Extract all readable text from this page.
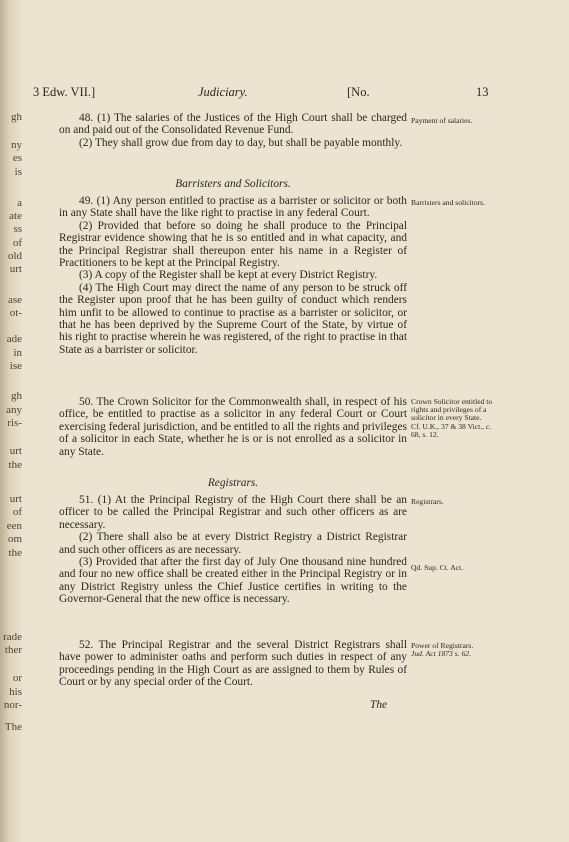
gh
ny
es
is
a
ate
ss
of
old
urt
ase
ot-
ade
in
ise
gh
any
ris-
urt
the
urt
of
een
om
the
rade
ther
or
his
nor-
The
3 Edw. VII.]	Judiciary.	[No.	13

48. (1) The salaries of the Justices of the High Court shall be charged on and paid out of the Consolidated Revenue Fund.

(2) They shall grow due from day to day, but shall be payable monthly.

Payment of salaries.
Barristers and Solicitors.

49. (1) Any person entitled to practise as a barrister or solicitor or both in any State shall have the like right to practise in any federal Court.

(2) Provided that before so doing he shall produce to the Principal Registrar evidence showing that he is so entitled and in what capacity, and the Principal Registrar shall thereupon enter his name in a Register of Practitioners to be kept at the Principal Registry.

(3) A copy of the Register shall be kept at every District Registry.

(4) The High Court may direct the name of any person to be struck off the Register upon proof that he has been guilty of conduct which renders him unfit to be allowed to continue to practise as a barrister or solicitor, or that he has been deprived by the Supreme Court of the State, by virtue of his right to practise wherein he was registered, of the right to practise in that State as a barrister or solicitor.

Barristers and solicitors.

50. The Crown Solicitor for the Commonwealth shall, in respect of his office, be entitled to practise as a solicitor in any federal Court or Court exercising federal jurisdiction, and be entitled to all the rights and privileges of a solicitor in each State, whether he is or is not enrolled as a solicitor in any State.

Crown Solicitor entitled to rights and privileges of a solicitor in every State.
Cf. U.K., 37 & 38 Vict., c. 68, s. 12.
Registrars.

51. (1) At the Principal Registry of the High Court there shall be an officer to be called the Principal Registrar and such other officers as are necessary.

(2) There shall also be at every District Registry a District Registrar and such other officers as are necessary.

(3) Provided that after the first day of July One thousand nine hundred and four no new office shall be created either in the Principal Registry or in any District Registry unless the Chief Justice certifies in writing to the Governor-General that the new office is necessary.

Registrars.
Qd. Sup. Ct. Act.

52. The Principal Registrar and the several District Registrars shall have power to administer oaths and perform such duties in respect of any proceedings pending in the High Court as are assigned to them by Rules of Court or by any special order of the Court.

Power of Registrars.
Jud. Act 1873 s. 62.
The
